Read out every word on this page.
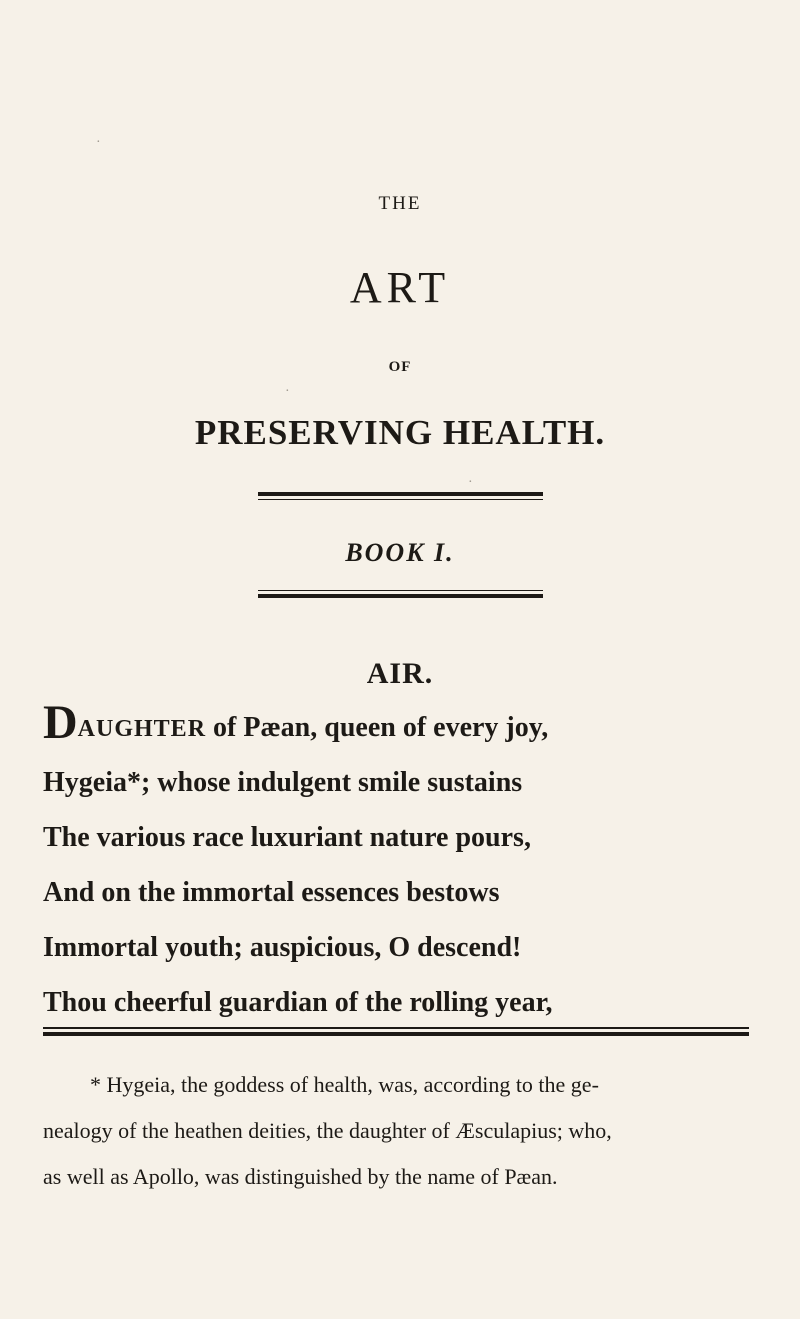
THE
ART
OF
PRESERVING HEALTH.
BOOK I.
AIR.
DAUGHTER of Pæan, queen of every joy,
Hygeia*; whose indulgent smile sustains
The various race luxuriant nature pours,
And on the immortal essences bestows
Immortal youth; auspicious, O descend!
Thou cheerful guardian of the rolling year,
* Hygeia, the goddess of health, was, according to the ge-
nealogy of the heathen deities, the daughter of Æsculapius; who,
as well as Apollo, was distinguished by the name of Pæan.
·
·
·
